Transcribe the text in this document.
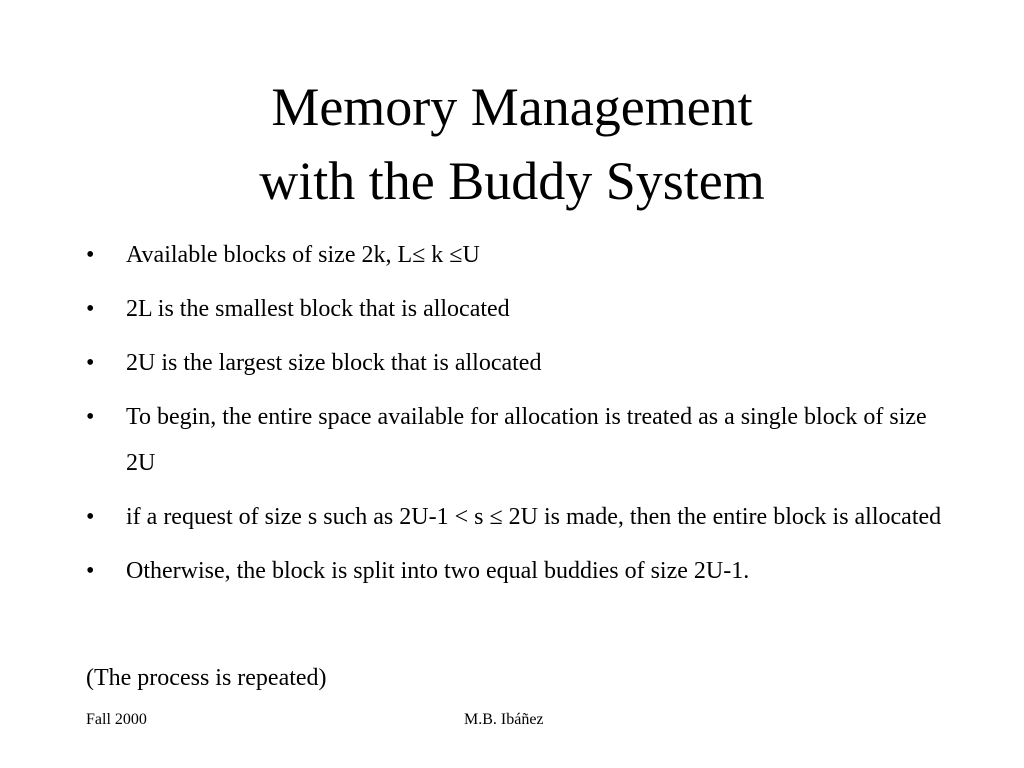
Memory Management
with the Buddy System
•	Available blocks of size 2k, L≤ k ≤U
•	2L is the smallest block that is allocated
•	2U is the largest size block that is allocated
•	To begin, the entire space available for allocation is treated as a single block of size 2U
•	if a request of size s such as 2U-1 < s ≤ 2U is made, then the entire block is allocated
•	Otherwise, the block is split into two equal buddies of size 2U-1.
(The process is repeated)
Fall 2000	M.B. Ibáñez
